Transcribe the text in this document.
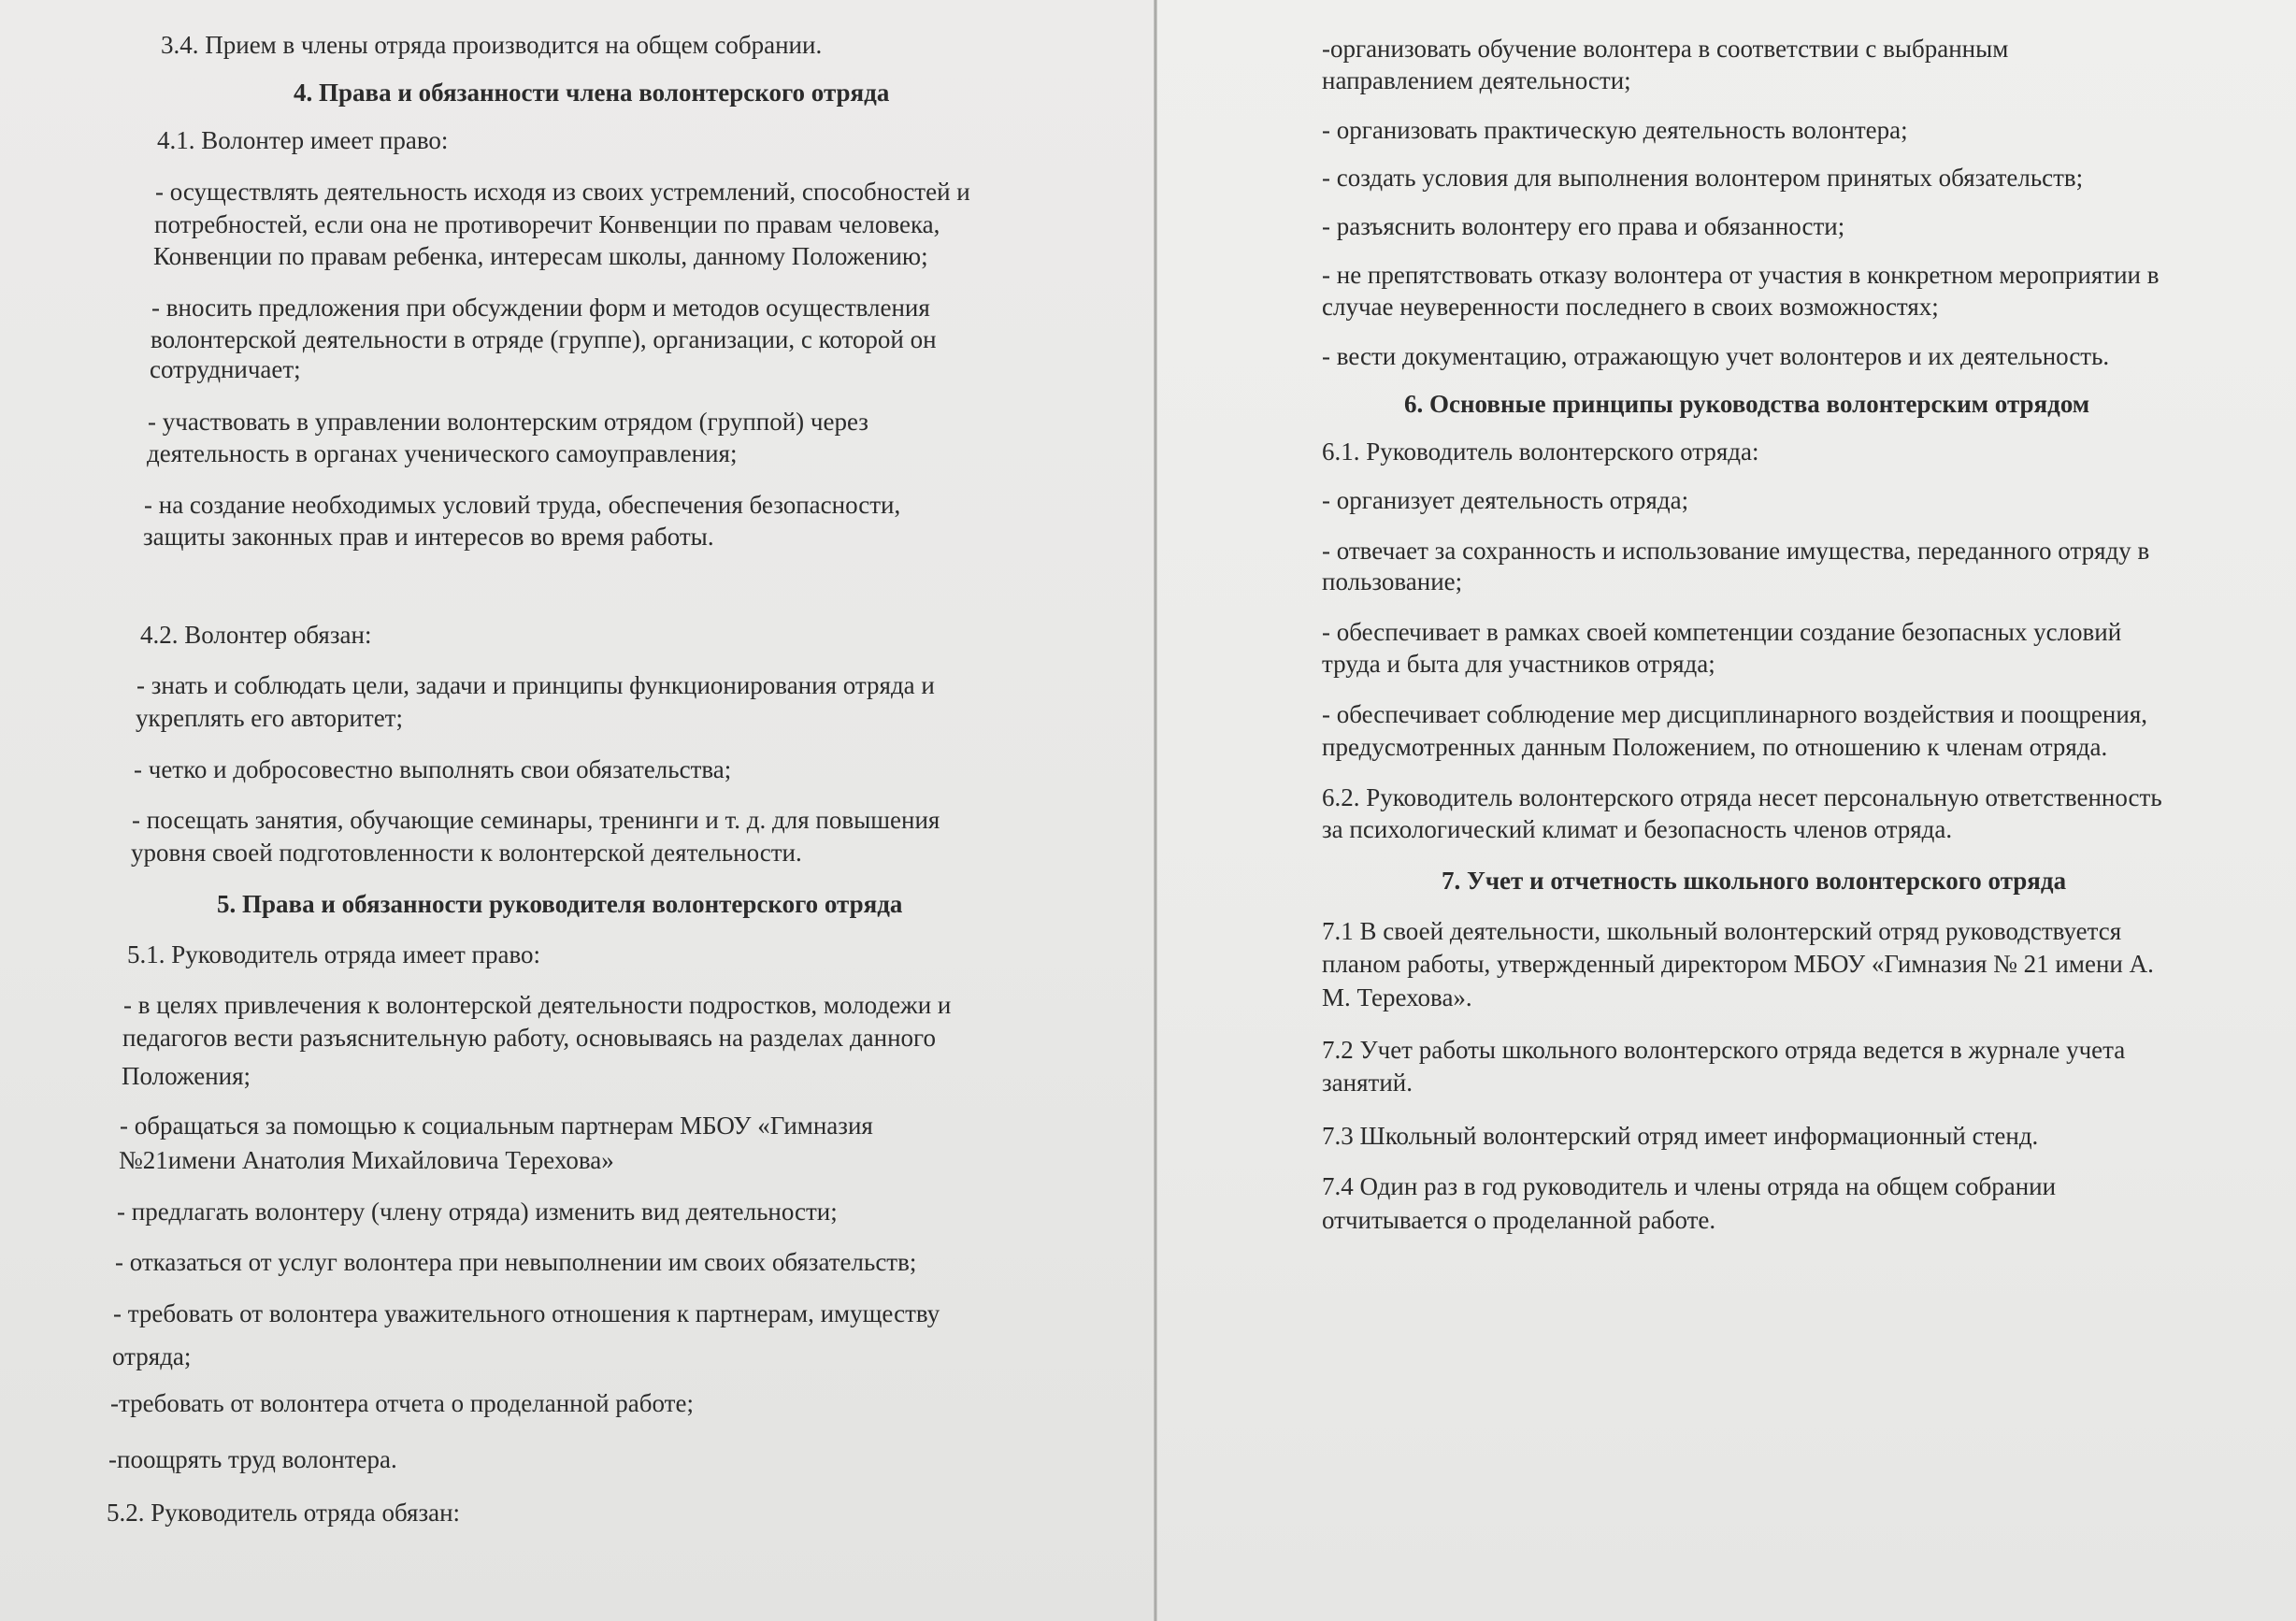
3.4. Прием в члены отряда производится на общем собрании.
4. Права и обязанности члена волонтерского отряда
4.1. Волонтер имеет право:
- осуществлять деятельность исходя из своих устремлений, способностей и
потребностей, если она не противоречит Конвенции по правам человека,
Конвенции по правам ребенка, интересам школы, данному Положению;
- вносить предложения при обсуждении форм и методов осуществления
волонтерской деятельности в отряде (группе), организации, с которой он
сотрудничает;
- участвовать в управлении волонтерским отрядом (группой) через
деятельность в органах ученического самоуправления;
- на создание необходимых условий труда, обеспечения безопасности,
защиты законных прав и интересов во время работы.
4.2. Волонтер обязан:
- знать и соблюдать цели, задачи и принципы функционирования отряда и
укреплять его авторитет;
- четко и добросовестно выполнять свои обязательства;
- посещать занятия, обучающие семинары, тренинги и т. д. для повышения
уровня своей подготовленности к волонтерской деятельности.
5. Права и обязанности руководителя волонтерского отряда
5.1. Руководитель отряда имеет право:
- в целях привлечения к волонтерской деятельности подростков, молодежи и
педагогов вести разъяснительную работу, основываясь на разделах данного
Положения;
- обращаться за помощью к социальным партнерам МБОУ «Гимназия
№21имени Анатолия Михайловича Терехова»
- предлагать волонтеру (члену отряда) изменить вид деятельности;
- отказаться от услуг волонтера при невыполнении им своих обязательств;
- требовать от волонтера уважительного отношения к партнерам, имуществу
отряда;
-требовать от волонтера отчета о проделанной работе;
-поощрять труд волонтера.
5.2. Руководитель отряда обязан:
-организовать обучение волонтера в соответствии с выбранным
направлением деятельности;
- организовать практическую деятельность волонтера;
- создать условия для выполнения волонтером принятых обязательств;
- разъяснить волонтеру его права и обязанности;
- не препятствовать отказу волонтера от участия в конкретном мероприятии в
случае неуверенности последнего в своих возможностях;
- вести документацию, отражающую учет волонтеров и их деятельность.
6. Основные принципы руководства волонтерским отрядом
6.1. Руководитель волонтерского отряда:
- организует деятельность отряда;
- отвечает за сохранность и использование имущества, переданного отряду в
пользование;
- обеспечивает в рамках своей компетенции создание безопасных условий
труда и быта для участников отряда;
- обеспечивает соблюдение мер дисциплинарного воздействия и поощрения,
предусмотренных данным Положением, по отношению к членам отряда.
6.2. Руководитель волонтерского отряда несет персональную ответственность
за психологический климат и безопасность членов отряда.
7. Учет и отчетность школьного волонтерского отряда
7.1 В своей деятельности, школьный волонтерский отряд руководствуется
планом работы, утвержденный директором МБОУ «Гимназия № 21 имени А.
М. Терехова».
7.2 Учет работы школьного волонтерского отряда ведется в журнале учета
занятий.
7.3 Школьный волонтерский отряд имеет информационный стенд.
7.4 Один раз в год руководитель и члены отряда на общем собрании
отчитывается о проделанной работе.
